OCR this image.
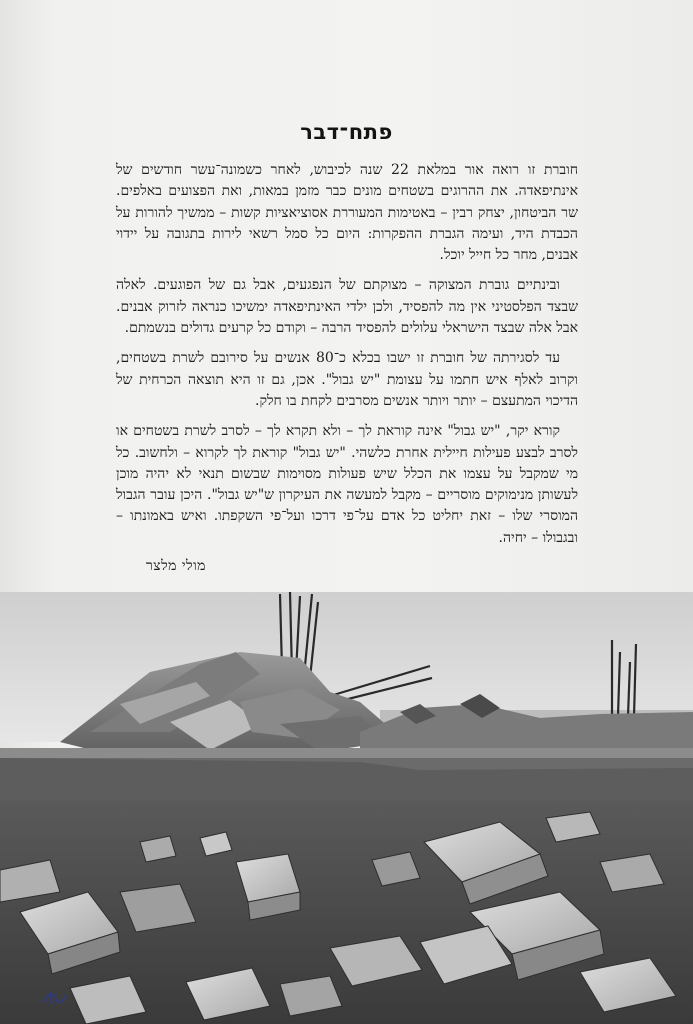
פתח־דבר

חוברת זו רואה אור במלאת 22 שנה לכיבוש, לאחר כשמונה־עשר חודשים של אינתיפאדה. את ההרוגים בשטחים מונים כבר מזמן במאות, ואת הפצועים באלפים. שר הביטחון, יצחק רבין – באטימות המעוררת אסוציאציות קשות – ממשיך להורות על הכבדת היד, ועימה הגברת ההפקרות: היום כל סמל רשאי לירות בתגובה על יידוי אבנים, מחר כל חייל יוכל.

ובינתיים גוברת המצוקה – מצוקתם של הנפגעים, אבל גם של הפוגעים. לאלה שבצד הפלסטיני אין מה להפסיד, ולכן ילדי האינתיפאדה ימשיכו כנראה לזרוק אבנים. אבל אלה שבצד הישראלי עלולים להפסיד הרבה – וקודם כל קרעים גדולים בנשמתם.

עד לסגירתה של חוברת זו ישבו בכלא כ־80 אנשים על סירובם לשרת בשטחים, וקרוב לאלף איש חתמו על עצומת "יש גבול". אכן, גם זו היא תוצאה הכרחית של הדיכוי המתעצם – יותר ויותר אנשים מסרבים לקחת בו חלק.

קורא יקר, "יש גבול" אינה קוראת לך – ולא תקרא לך – לסרב לשרת בשטחים או לסרב לבצע פעילות חיילית אחרת כלשהי. "יש גבול" קוראת לך לקרוא – ולחשוב. כל מי שמקבל על עצמו את הכלל שיש פעולות מסוימות שבשום תנאי לא יהיה מוכן לעשותן מנימוקים מוסריים – מקבל למעשה את העיקרון ש"יש גבול". היכן עובר הגבול המוסרי שלו – זאת יחליט כל אדם על־פי דרכו ועל־פי השקפתו. ואיש באמונתו – ובגבולו – יחיה.

מולי מלצר
